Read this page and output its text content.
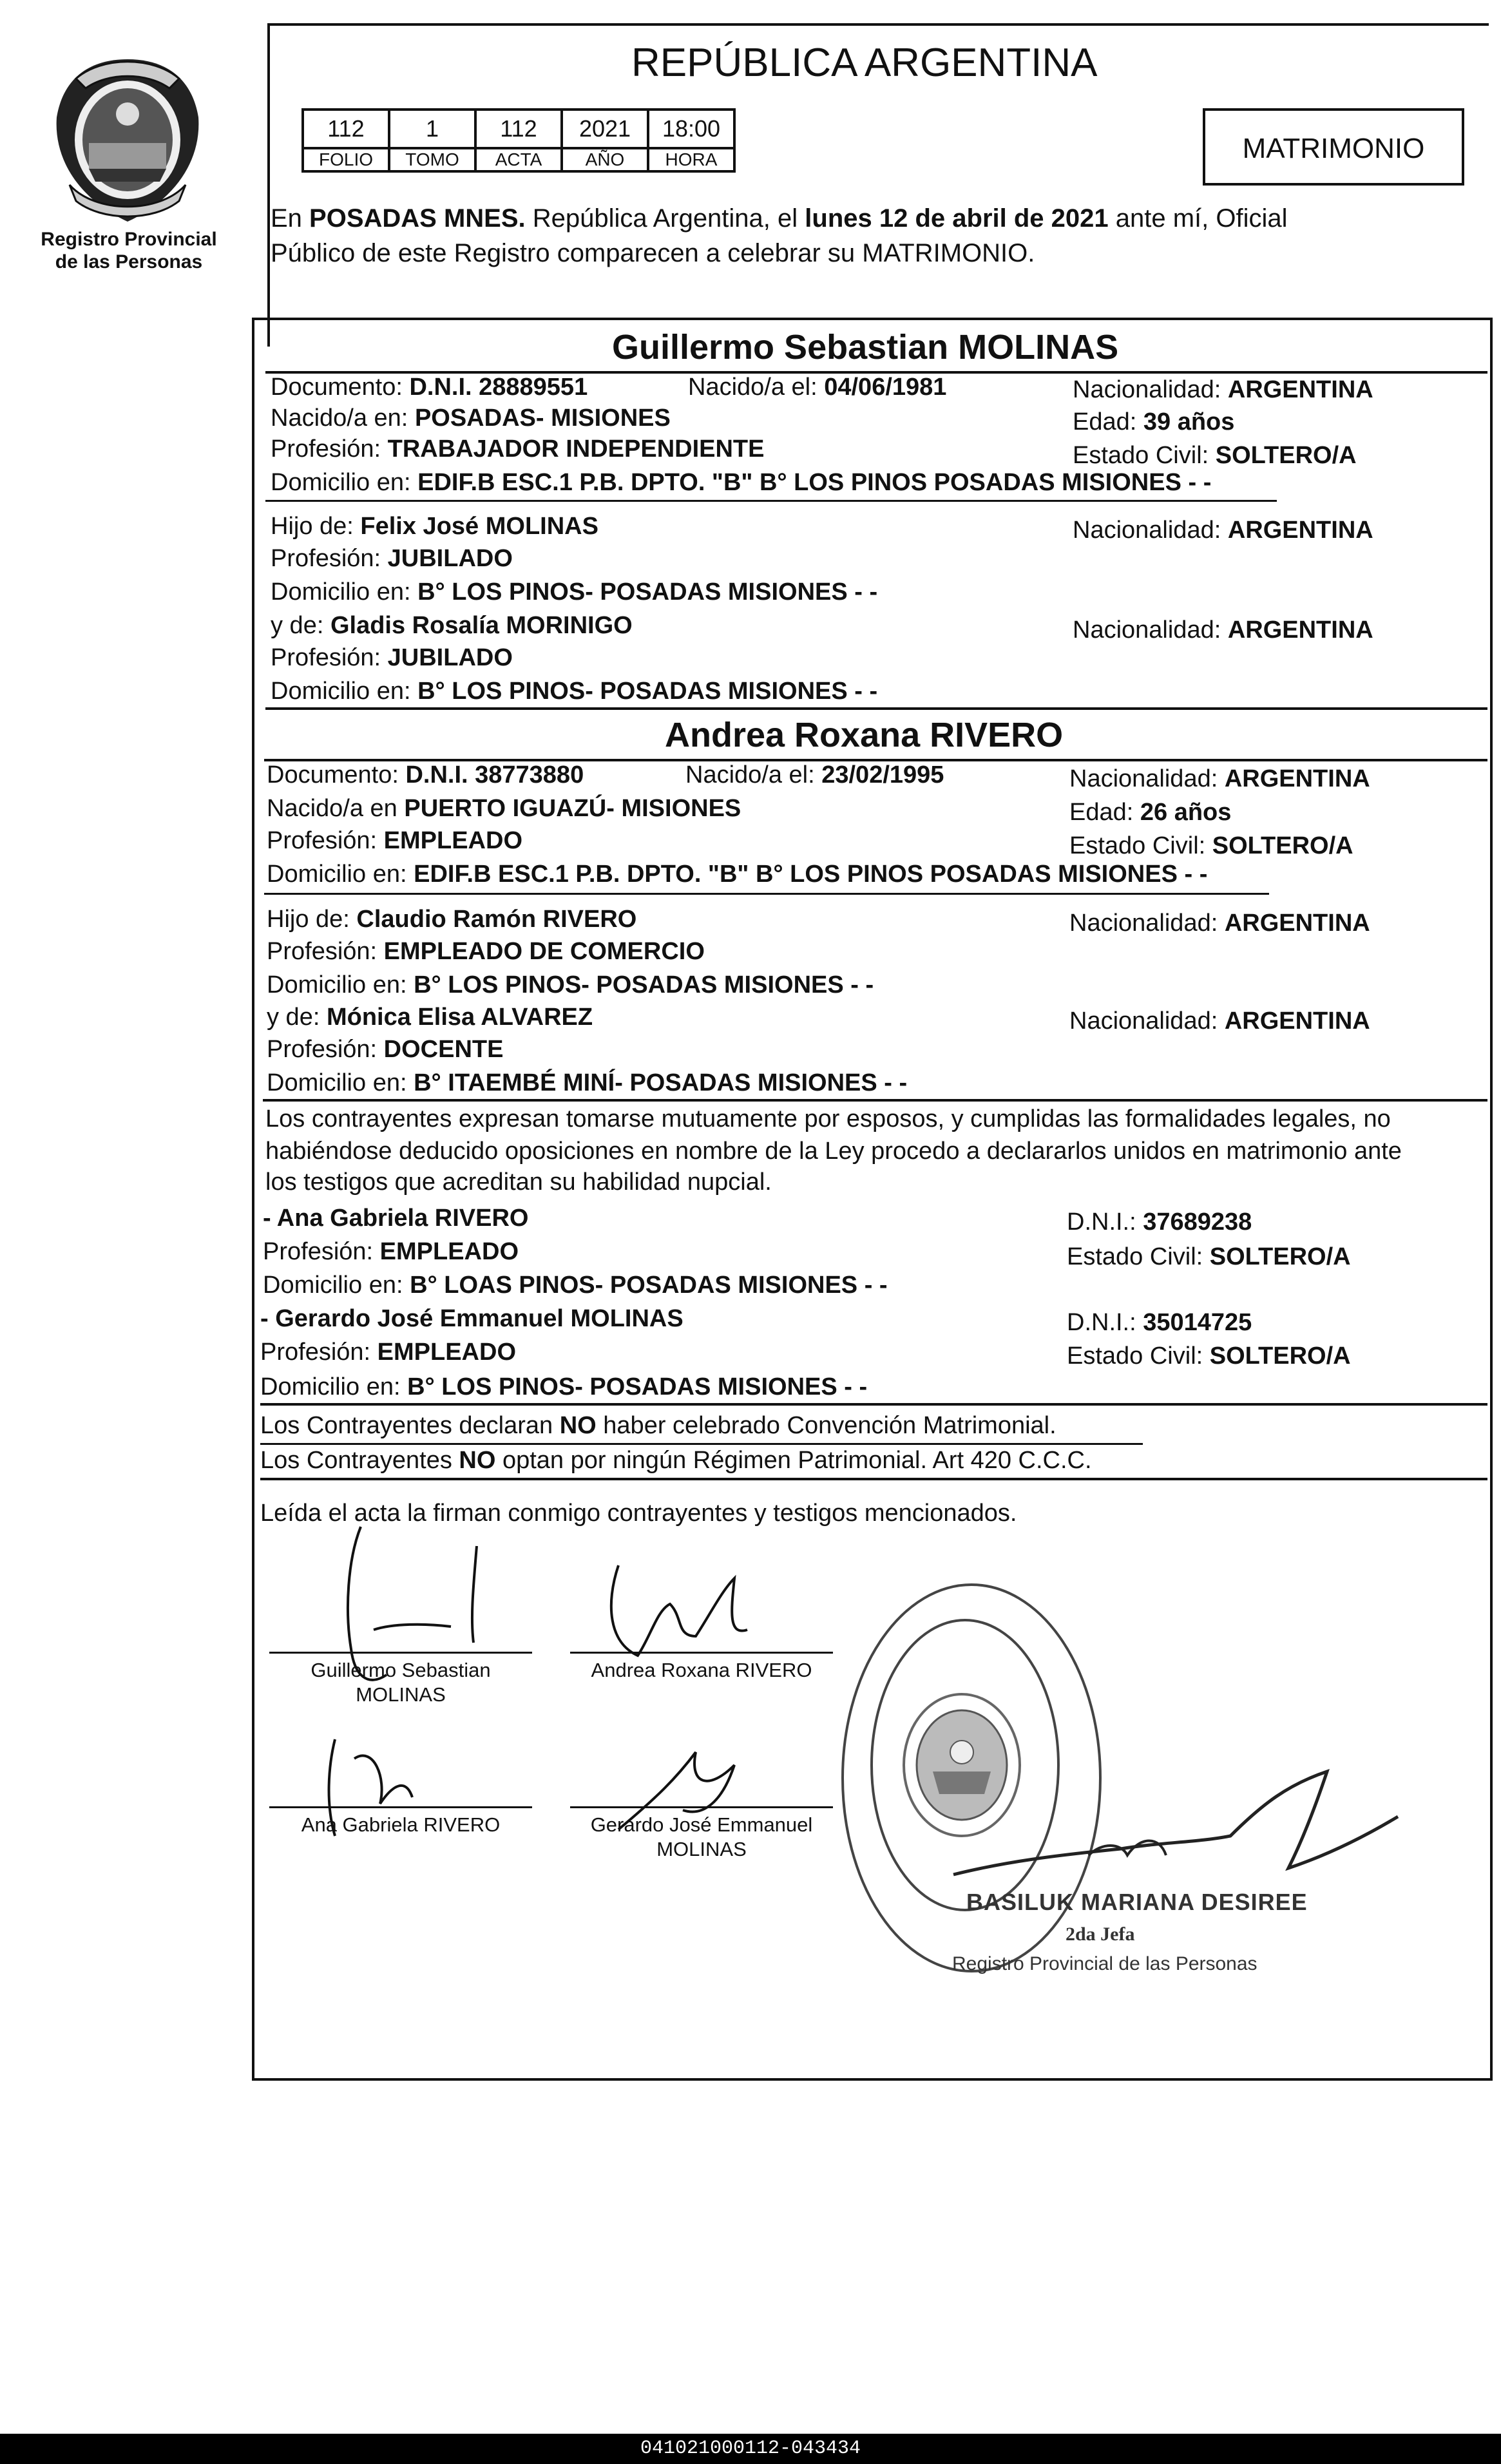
Registro Provincial
de las Personas
REPÚBLICA ARGENTINA
112	1	112	2021	18:00
FOLIO	TOMO	ACTA	AÑO	HORA	MATRIMONIO
En POSADAS MNES. República Argentina, el lunes 12 de abril de 2021 ante mí, Oficial
Público de este Registro comparecen a celebrar su MATRIMONIO.
Guillermo Sebastian MOLINAS
Documento: D.N.I. 28889551	Nacido/a el: 04/06/1981	Nacionalidad: ARGENTINA
Nacido/a en: POSADAS- MISIONES	Edad: 39 años
Profesión: TRABAJADOR INDEPENDIENTE	Estado Civil: SOLTERO/A
Domicilio en: EDIF.B ESC.1 P.B. DPTO. "B" B° LOS PINOS POSADAS MISIONES - -
Hijo de: Felix José MOLINAS	Nacionalidad: ARGENTINA
Profesión: JUBILADO
Domicilio en: B° LOS PINOS- POSADAS MISIONES - -
y de: Gladis Rosalía MORINIGO	Nacionalidad: ARGENTINA
Profesión: JUBILADO
Domicilio en: B° LOS PINOS- POSADAS MISIONES - -
Andrea Roxana RIVERO
Documento: D.N.I. 38773880	Nacido/a el: 23/02/1995	Nacionalidad: ARGENTINA
Nacido/a en PUERTO IGUAZÚ- MISIONES	Edad: 26 años
Profesión: EMPLEADO	Estado Civil: SOLTERO/A
Domicilio en: EDIF.B ESC.1 P.B. DPTO. "B" B° LOS PINOS POSADAS MISIONES - -
Hijo de: Claudio Ramón RIVERO	Nacionalidad: ARGENTINA
Profesión: EMPLEADO DE COMERCIO
Domicilio en: B° LOS PINOS- POSADAS MISIONES - -
y de: Mónica Elisa ALVAREZ	Nacionalidad: ARGENTINA
Profesión: DOCENTE
Domicilio en: B° ITAEMBÉ MINÍ- POSADAS MISIONES - -
Los contrayentes expresan tomarse mutuamente por esposos, y cumplidas las formalidades legales, no
habiéndose deducido oposiciones en nombre de la Ley procedo a declararlos unidos en matrimonio ante
los testigos que acreditan su habilidad nupcial.
- Ana Gabriela RIVERO	D.N.I.: 37689238
Profesión: EMPLEADO	Estado Civil: SOLTERO/A
Domicilio en: B° LOAS PINOS- POSADAS MISIONES - -
- Gerardo José Emmanuel MOLINAS	D.N.I.: 35014725
Profesión: EMPLEADO	Estado Civil: SOLTERO/A
Domicilio en: B° LOS PINOS- POSADAS MISIONES - -
Los Contrayentes declaran NO haber celebrado Convención Matrimonial.
Los Contrayentes NO optan por ningún Régimen Patrimonial. Art 420 C.C.C.
Leída el acta la firman conmigo contrayentes y testigos mencionados.
Guillermo Sebastian
MOLINAS
Andrea Roxana RIVERO
Ana Gabriela RIVERO	Gerardo José Emmanuel
MOLINAS
BASILUK MARIANA DESIREE
2da Jefa
Registro Provincial de las Personas
041021000112-043434
